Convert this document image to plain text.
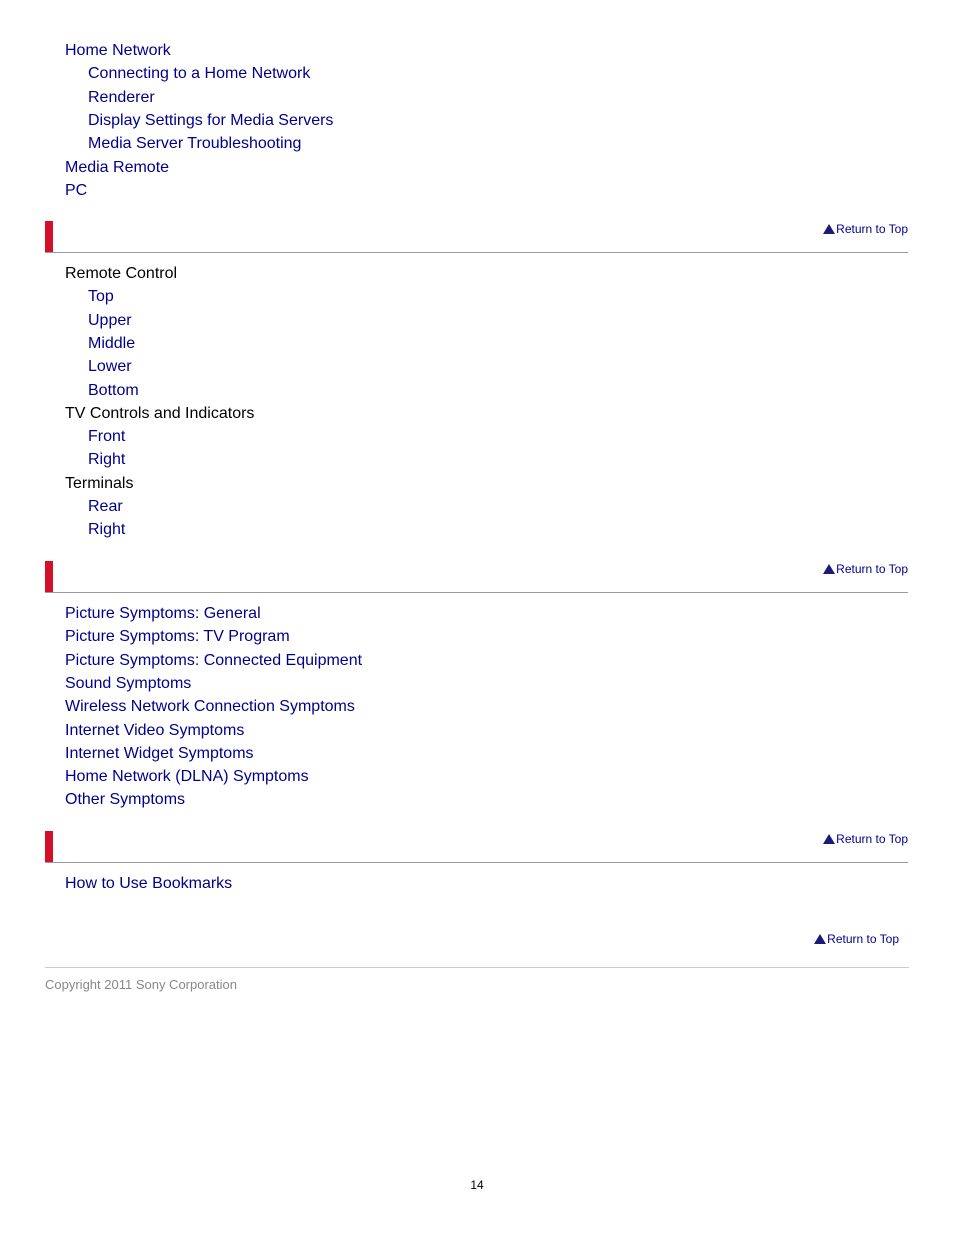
Return to Top
Return to Top
Return to Top
Return to Top
Copyright 2011 Sony Corporation
14
Home Network
Connecting to a Home Network
Renderer
Display Settings for Media Servers
Media Server Troubleshooting
Media Remote
PC
Remote Control
Top
Upper
Middle
Lower
Bottom
TV Controls and Indicators
Front
Right
Terminals
Rear
Right
Picture Symptoms: General
Picture Symptoms: TV Program
Picture Symptoms: Connected Equipment
Sound Symptoms
Wireless Network Connection Symptoms
Internet Video Symptoms
Internet Widget Symptoms
Home Network (DLNA) Symptoms
Other Symptoms
How to Use Bookmarks
